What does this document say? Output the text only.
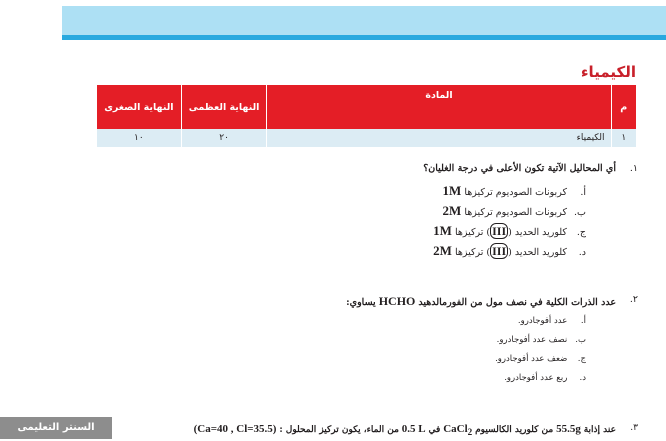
الكيمياء
م	المادة	النهاية العظمى	النهاية الصغرى
١	الكيمياء	٢٠	١٠
١.
أي المحاليل الآتية تكون الأعلى في درجة الغليان؟
أ. كربونات الصوديوم تركيزها 1M
ب. كربونات الصوديوم تركيزها 2M
ج. كلوريد الحديد (III) تركيزها 1M
د. كلوريد الحديد (III) تركيزها 2M
٢.
عدد الذرات الكلية في نصف مول من الفورمالدهيد HCHO يساوي:
أ. عدد أفوجادرو.
ب. نصف عدد أفوجادرو.
ج. ضعف عدد أفوجادرو.
د. ربع عدد أفوجادرو.
السنتر التعليمى	٣.
عند إذابة 55.5g من كلوريد الكالسيوم CaCl$_2$ في 0.5 L من الماء، يكون تركيز المحلول : (Ca=40 , Cl=35.5)
